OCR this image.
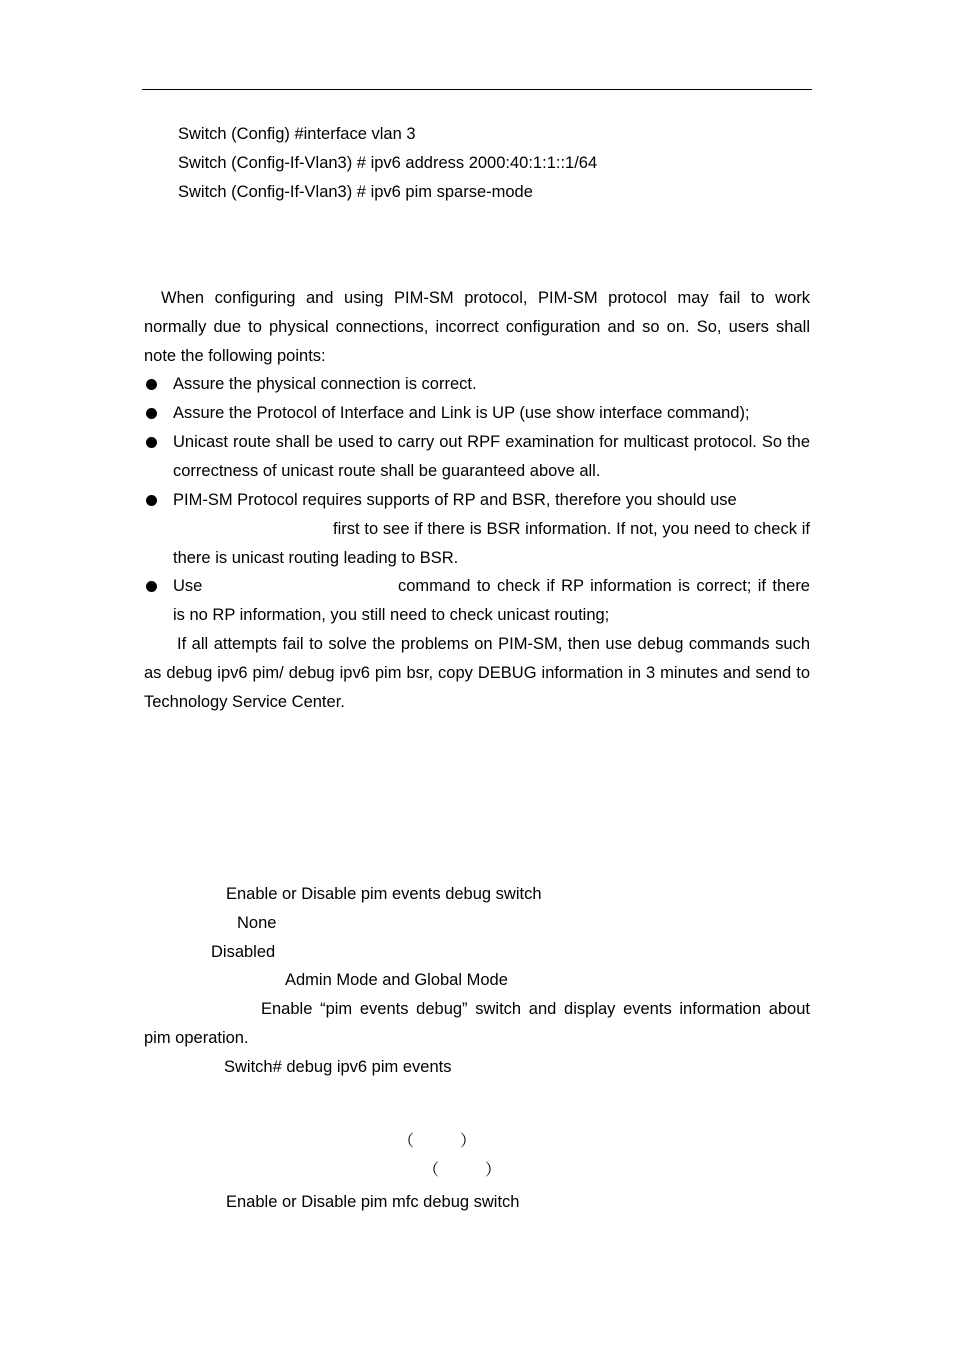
Switch (Config) #interface vlan 3
Switch (Config-If-Vlan3) # ipv6 address 2000:40:1:1::1/64
Switch (Config-If-Vlan3) # ipv6 pim sparse-mode
When configuring and using PIM-SM protocol, PIM-SM protocol may fail to work normally due to physical connections, incorrect configuration and so on. So, users shall note the following points:
Assure the physical connection is correct.
Assure the Protocol of Interface and Link is UP (use show interface command);
Unicast route shall be used to carry out RPF examination for multicast protocol. So the correctness of unicast route shall be guaranteed above all.
PIM-SM Protocol requires supports of RP and BSR, therefore you should use
first to see if there is BSR information. If not, you need to check if there is unicast routing leading to BSR.
Use	command to check if RP information is correct; if there is no RP information, you still need to check unicast routing;
If all attempts fail to solve the problems on PIM-SM, then use debug commands such as debug ipv6 pim/ debug ipv6 pim bsr, copy DEBUG information in 3 minutes and send to Technology Service Center.
Enable or Disable pim events debug switch
None
Disabled
Admin Mode and Global Mode
Enable “pim events debug” switch and display events information about pim operation.
Switch# debug ipv6 pim events
（	）
（	）
Enable or Disable pim mfc debug switch
